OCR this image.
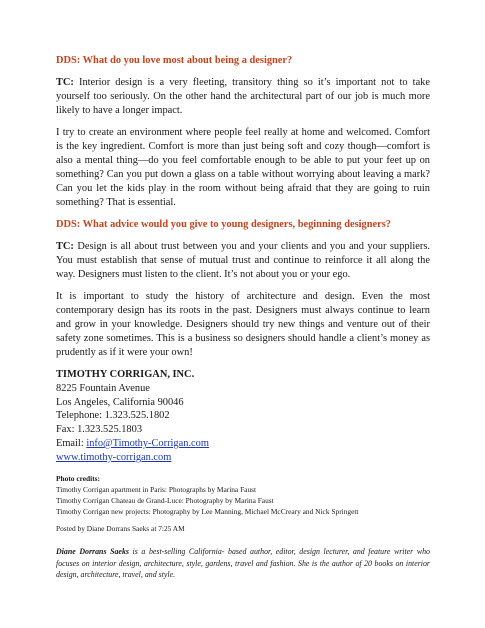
DDS: What do you love most about being a designer?

TC: Interior design is a very fleeting, transitory thing so it’s important not to take yourself too seriously. On the other hand the architectural part of our job is much more likely to have a longer impact.

I try to create an environment where people feel really at home and welcomed. Comfort is the key ingredient. Comfort is more than just being soft and cozy though—comfort is also a mental thing—do you feel comfortable enough to be able to put your feet up on something? Can you put down a glass on a table without worrying about leaving a mark? Can you let the kids play in the room without being afraid that they are going to ruin something? That is essential.

DDS: What advice would you give to young designers, beginning designers?

TC: Design is all about trust between you and your clients and you and your suppliers. You must establish that sense of mutual trust and continue to reinforce it all along the way. Designers must listen to the client. It’s not about you or your ego.

It is important to study the history of architecture and design. Even the most contemporary design has its roots in the past. Designers must always continue to learn and grow in your knowledge. Designers should try new things and venture out of their safety zone sometimes. This is a business so designers should handle a client’s money as prudently as if it were your own!

TIMOTHY CORRIGAN, INC.
8225 Fountain Avenue
Los Angeles, California 90046
Telephone: 1.323.525.1802
Fax: 1.323.525.1803
Email: info@Timothy-Corrigan.com
www.timothy-corrigan.com
Photo credits:
Timothy Corrigan apartment in Paris: Photographs by Marina Faust
Timothy Corrigan Chateau de Grand-Luce: Photography by Marina Faust
Timothy Corrigan new projects: Photography by Lee Manning, Michael McCreary and Nick Springett
Posted by Diane Dorrans Saeks at 7:25 AM

Diane Dorrans Saeks is a best-selling California- based author, editor, design lecturer, and feature writer who focuses on interior design, architecture, style, gardens, travel and fashion. She is the author of 20 books on interior design, architecture, travel, and style.
